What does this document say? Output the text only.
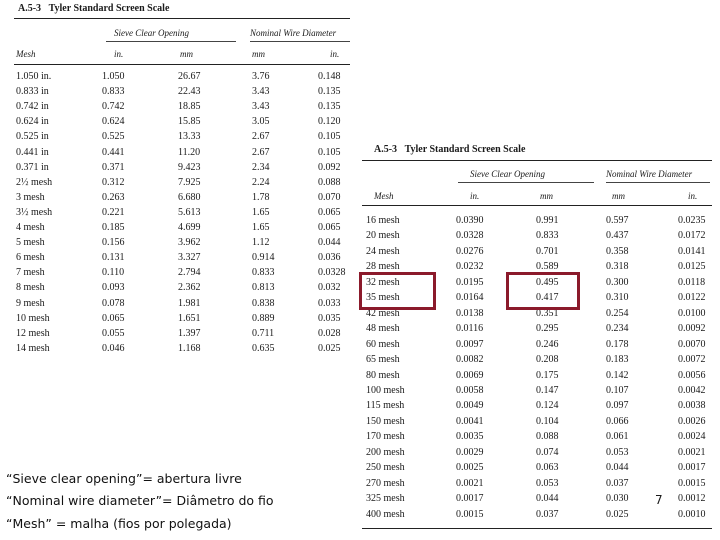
A.5-3 Tyler Standard Screen Scale
Sieve Clear Opening	Nominal Wire Diameter
Mesh	in.	mm	mm	in.
1.050 in.	1.050	26.67	3.76	0.148
0.833 in	0.833	22.43	3.43	0.135
0.742 in	0.742	18.85	3.43	0.135
0.624 in	0.624	15.85	3.05	0.120
0.525 in	0.525	13.33	2.67	0.105
0.441 in	0.441	11.20	2.67	0.105
0.371 in	0.371	9.423	2.34	0.092
2½ mesh	0.312	7.925	2.24	0.088
3 mesh	0.263	6.680	1.78	0.070
3½ mesh	0.221	5.613	1.65	0.065
4 mesh	0.185	4.699	1.65	0.065
5 mesh	0.156	3.962	1.12	0.044
6 mesh	0.131	3.327	0.914	0.036
7 mesh	0.110	2.794	0.833	0.0328
8 mesh	0.093	2.362	0.813	0.032
9 mesh	0.078	1.981	0.838	0.033
10 mesh	0.065	1.651	0.889	0.035
12 mesh	0.055	1.397	0.711	0.028
14 mesh	0.046	1.168	0.635	0.025
A.5-3 Tyler Standard Screen Scale
Sieve Clear Opening	Nominal Wire Diameter
Mesh	in.	mm	mm	in.
16 mesh	0.0390	0.991	0.597	0.0235
20 mesh	0.0328	0.833	0.437	0.0172
24 mesh	0.0276	0.701	0.358	0.0141
28 mesh	0.0232	0.589	0.318	0.0125
32 mesh	0.0195	0.495	0.300	0.0118
35 mesh	0.0164	0.417	0.310	0.0122
42 mesh	0.0138	0.351	0.254	0.0100
48 mesh	0.0116	0.295	0.234	0.0092
60 mesh	0.0097	0.246	0.178	0.0070
65 mesh	0.0082	0.208	0.183	0.0072
80 mesh	0.0069	0.175	0.142	0.0056
100 mesh	0.0058	0.147	0.107	0.0042
115 mesh	0.0049	0.124	0.097	0.0038
150 mesh	0.0041	0.104	0.066	0.0026
170 mesh	0.0035	0.088	0.061	0.0024
200 mesh	0.0029	0.074	0.053	0.0021
250 mesh	0.0025	0.063	0.044	0.0017
270 mesh	0.0021	0.053	0.037	0.0015
325 mesh	0.0017	0.044	0.030	0.0012
400 mesh	0.0015	0.037	0.025	0.0010
“Sieve clear opening”= abertura livre
“Nominal wire diameter”= Diâmetro do fio
“Mesh” = malha (fios por polegada)
7
